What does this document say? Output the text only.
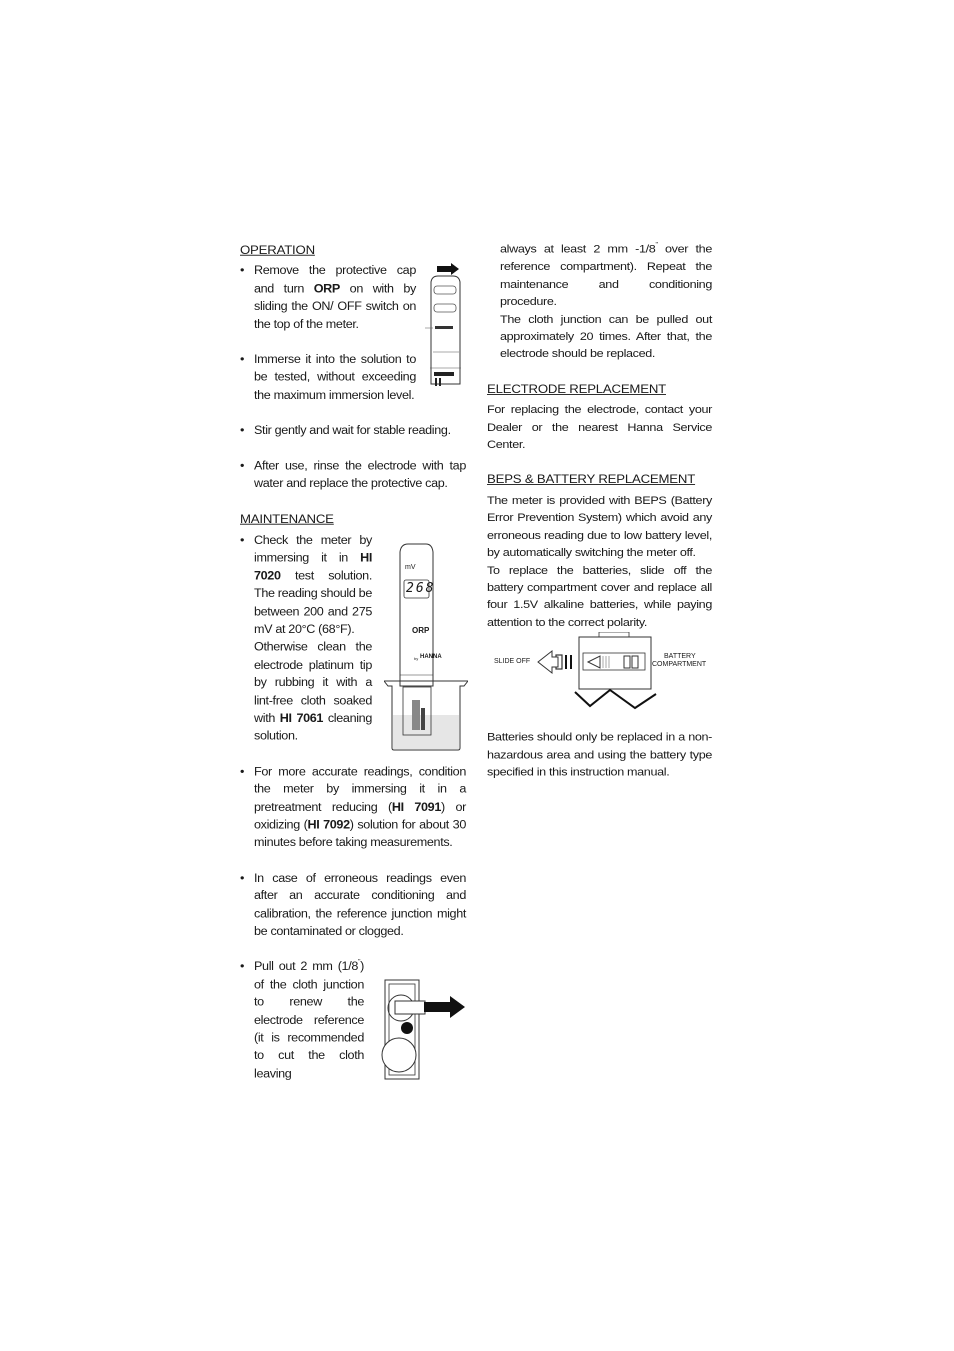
OPERATION
• Remove the protective cap and turn ORP on with by sliding the ON/ OFF switch on the top of the meter.
• Immerse it into the solution to be tested, without exceeding the maximum immersion level.
• Stir gently and wait for stable reading.
• After use, rinse the electrode with tap water and replace the protective cap.
MAINTENANCE
• Check the meter by immersing it in HI 7020 test solution. The reading should be between 200 and 275 mV at 20°C (68°F).
Otherwise clean the electrode platinum tip by rubbing it with a lint-free cloth soaked with HI 7061 cleaning solution.
• For more accurate readings, condition the meter by immersing it in a pretreatment reducing (HI 7091) or oxidizing (HI 7092) solution for about 30 minutes before taking measurements.
• In case of erroneous readings even after an accurate conditioning and calibration, the reference junction might be contaminated or clogged.
• Pull out 2 mm (1/8") of the cloth junction to renew the electrode reference (it is recommended to cut the cloth leaving

always at least 2 mm -1/8" over the reference compartment). Repeat the maintenance and conditioning procedure.

The cloth junction can be pulled out approximately 20 times. After that, the electrode should be replaced.

ELECTRODE REPLACEMENT

For replacing the electrode, contact your Dealer or the nearest Hanna Service Center.

BEPS & BATTERY REPLACEMENT

The meter is provided with BEPS (Battery Error Prevention System) which avoid any erroneous reading due to low battery level, by automatically switching the meter off.

To replace the batteries, slide off the battery compartment cover and replace all four 1.5V alkaline batteries, while paying attention to the correct polarity.

Batteries should only be replaced in a non-hazardous area and using the battery type specified in this instruction manual.

mV
268
ORP
by HANNA
SLIDE OFF
BATTERY
COMPARTMENT
